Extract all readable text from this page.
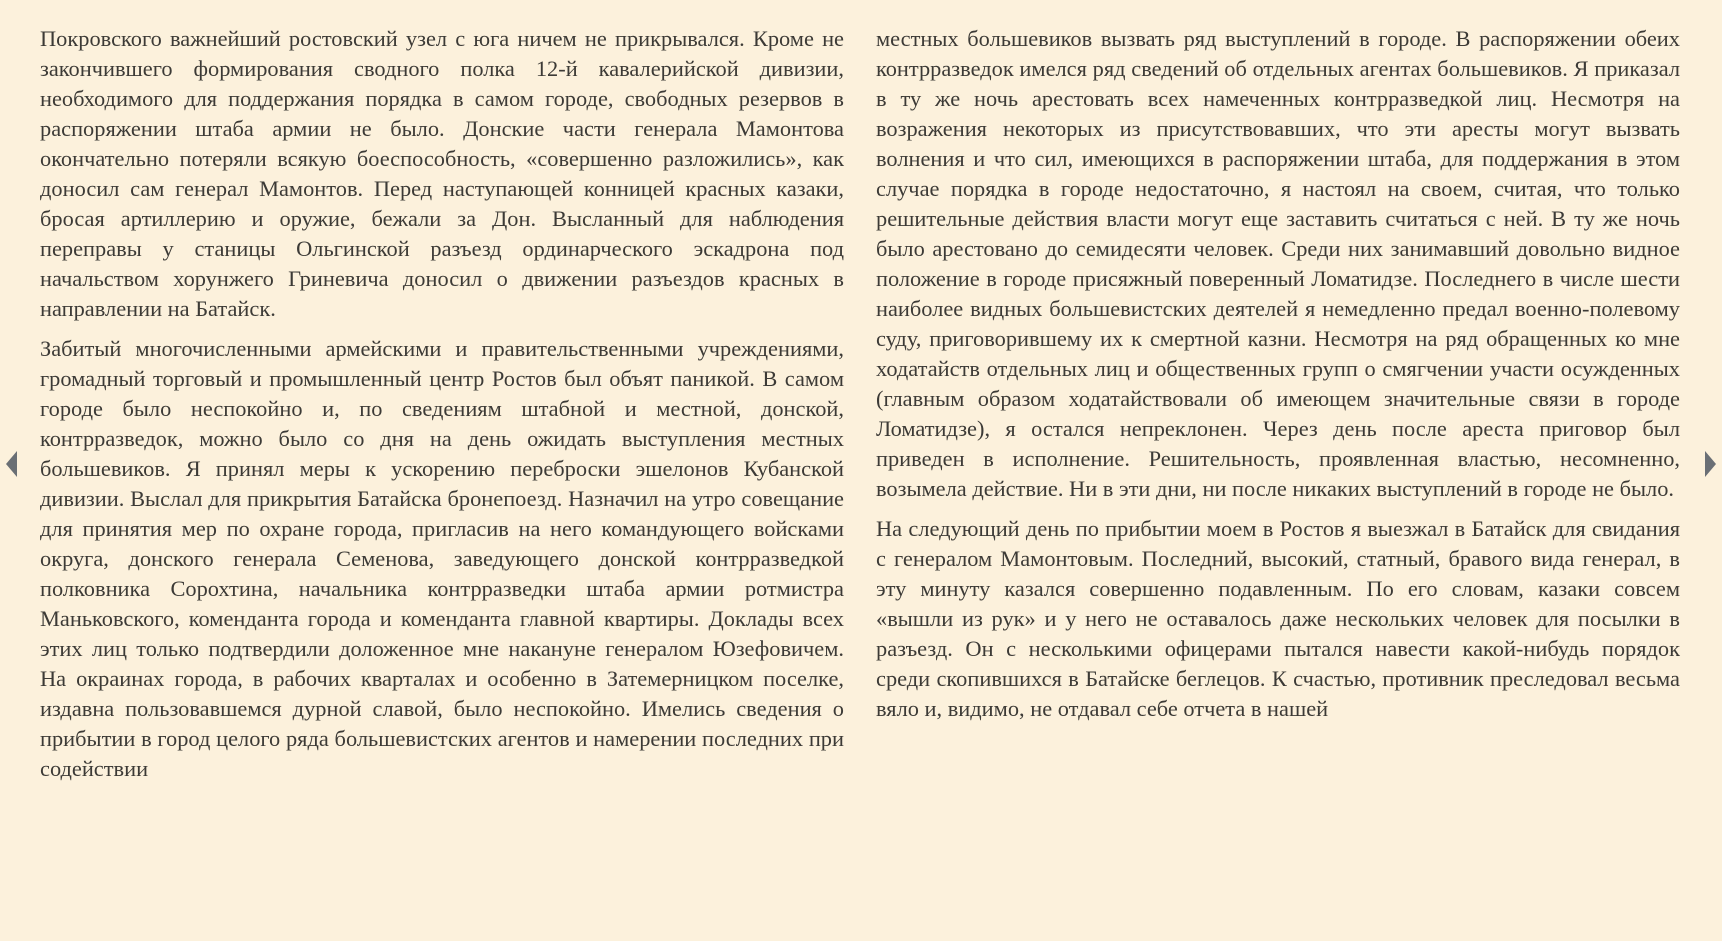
Покровского важнейший ростовский узел с юга ничем не прикрывался. Кроме не закончившего формирования сводного полка 12-й кавалерийской дивизии, необходимого для поддержания порядка в самом городе, свободных резервов в распоряжении штаба армии не было. Донские части генерала Мамонтова окончательно потеряли всякую боеспособность, «совершенно разложились», как доносил сам генерал Мамонтов. Перед наступающей конницей красных казаки, бросая артиллерию и оружие, бежали за Дон. Высланный для наблюдения переправы у станицы Ольгинской разъезд ординарческого эскадрона под начальством хорунжего Гриневича доносил о движении разъездов красных в направлении на Батайск.

Забитый многочисленными армейскими и правительственными учреждениями, громадный торговый и промышленный центр Ростов был объят паникой. В самом городе было неспокойно и, по сведениям штабной и местной, донской, контрразведок, можно было со дня на день ожидать выступления местных большевиков. Я принял меры к ускорению переброски эшелонов Кубанской дивизии. Выслал для прикрытия Батайска бронепоезд. Назначил на утро совещание для принятия мер по охране города, пригласив на него командующего войсками округа, донского генерала Семенова, заведующего донской контрразведкой полковника Сорохтина, начальника контрразведки штаба армии ротмистра Маньковского, коменданта города и коменданта главной квартиры. Доклады всех этих лиц только подтвердили доложенное мне накануне генералом Юзефовичем. На окраинах города, в рабочих кварталах и особенно в Затемерницком поселке, издавна пользовавшемся дурной славой, было неспокойно. Имелись сведения о прибытии в город целого ряда большевистских агентов и намерении последних при содействии

местных большевиков вызвать ряд выступлений в городе. В распоряжении обеих контрразведок имелся ряд сведений об отдельных агентах большевиков. Я приказал в ту же ночь арестовать всех намеченных контрразведкой лиц. Несмотря на возражения некоторых из присутствовавших, что эти аресты могут вызвать волнения и что сил, имеющихся в распоряжении штаба, для поддержания в этом случае порядка в городе недостаточно, я настоял на своем, считая, что только решительные действия власти могут еще заставить считаться с ней. В ту же ночь было арестовано до семидесяти человек. Среди них занимавший довольно видное положение в городе присяжный поверенный Ломатидзе. Последнего в числе шести наиболее видных большевистских деятелей я немедленно предал военно-полевому суду, приговорившему их к смертной казни. Несмотря на ряд обращенных ко мне ходатайств отдельных лиц и общественных групп о смягчении участи осужденных (главным образом ходатайствовали об имеющем значительные связи в городе Ломатидзе), я остался непреклонен. Через день после ареста приговор был приведен в исполнение. Решительность, проявленная властью, несомненно, возымела действие. Ни в эти дни, ни после никаких выступлений в городе не было.

На следующий день по прибытии моем в Ростов я выезжал в Батайск для свидания с генералом Мамонтовым. Последний, высокий, статный, бравого вида генерал, в эту минуту казался совершенно подавленным. По его словам, казаки совсем «вышли из рук» и у него не оставалось даже нескольких человек для посылки в разъезд. Он с несколькими офицерами пытался навести какой-нибудь порядок среди скопившихся в Батайске беглецов. К счастью, противник преследовал весьма вяло и, видимо, не отдавал себе отчета в нашей
